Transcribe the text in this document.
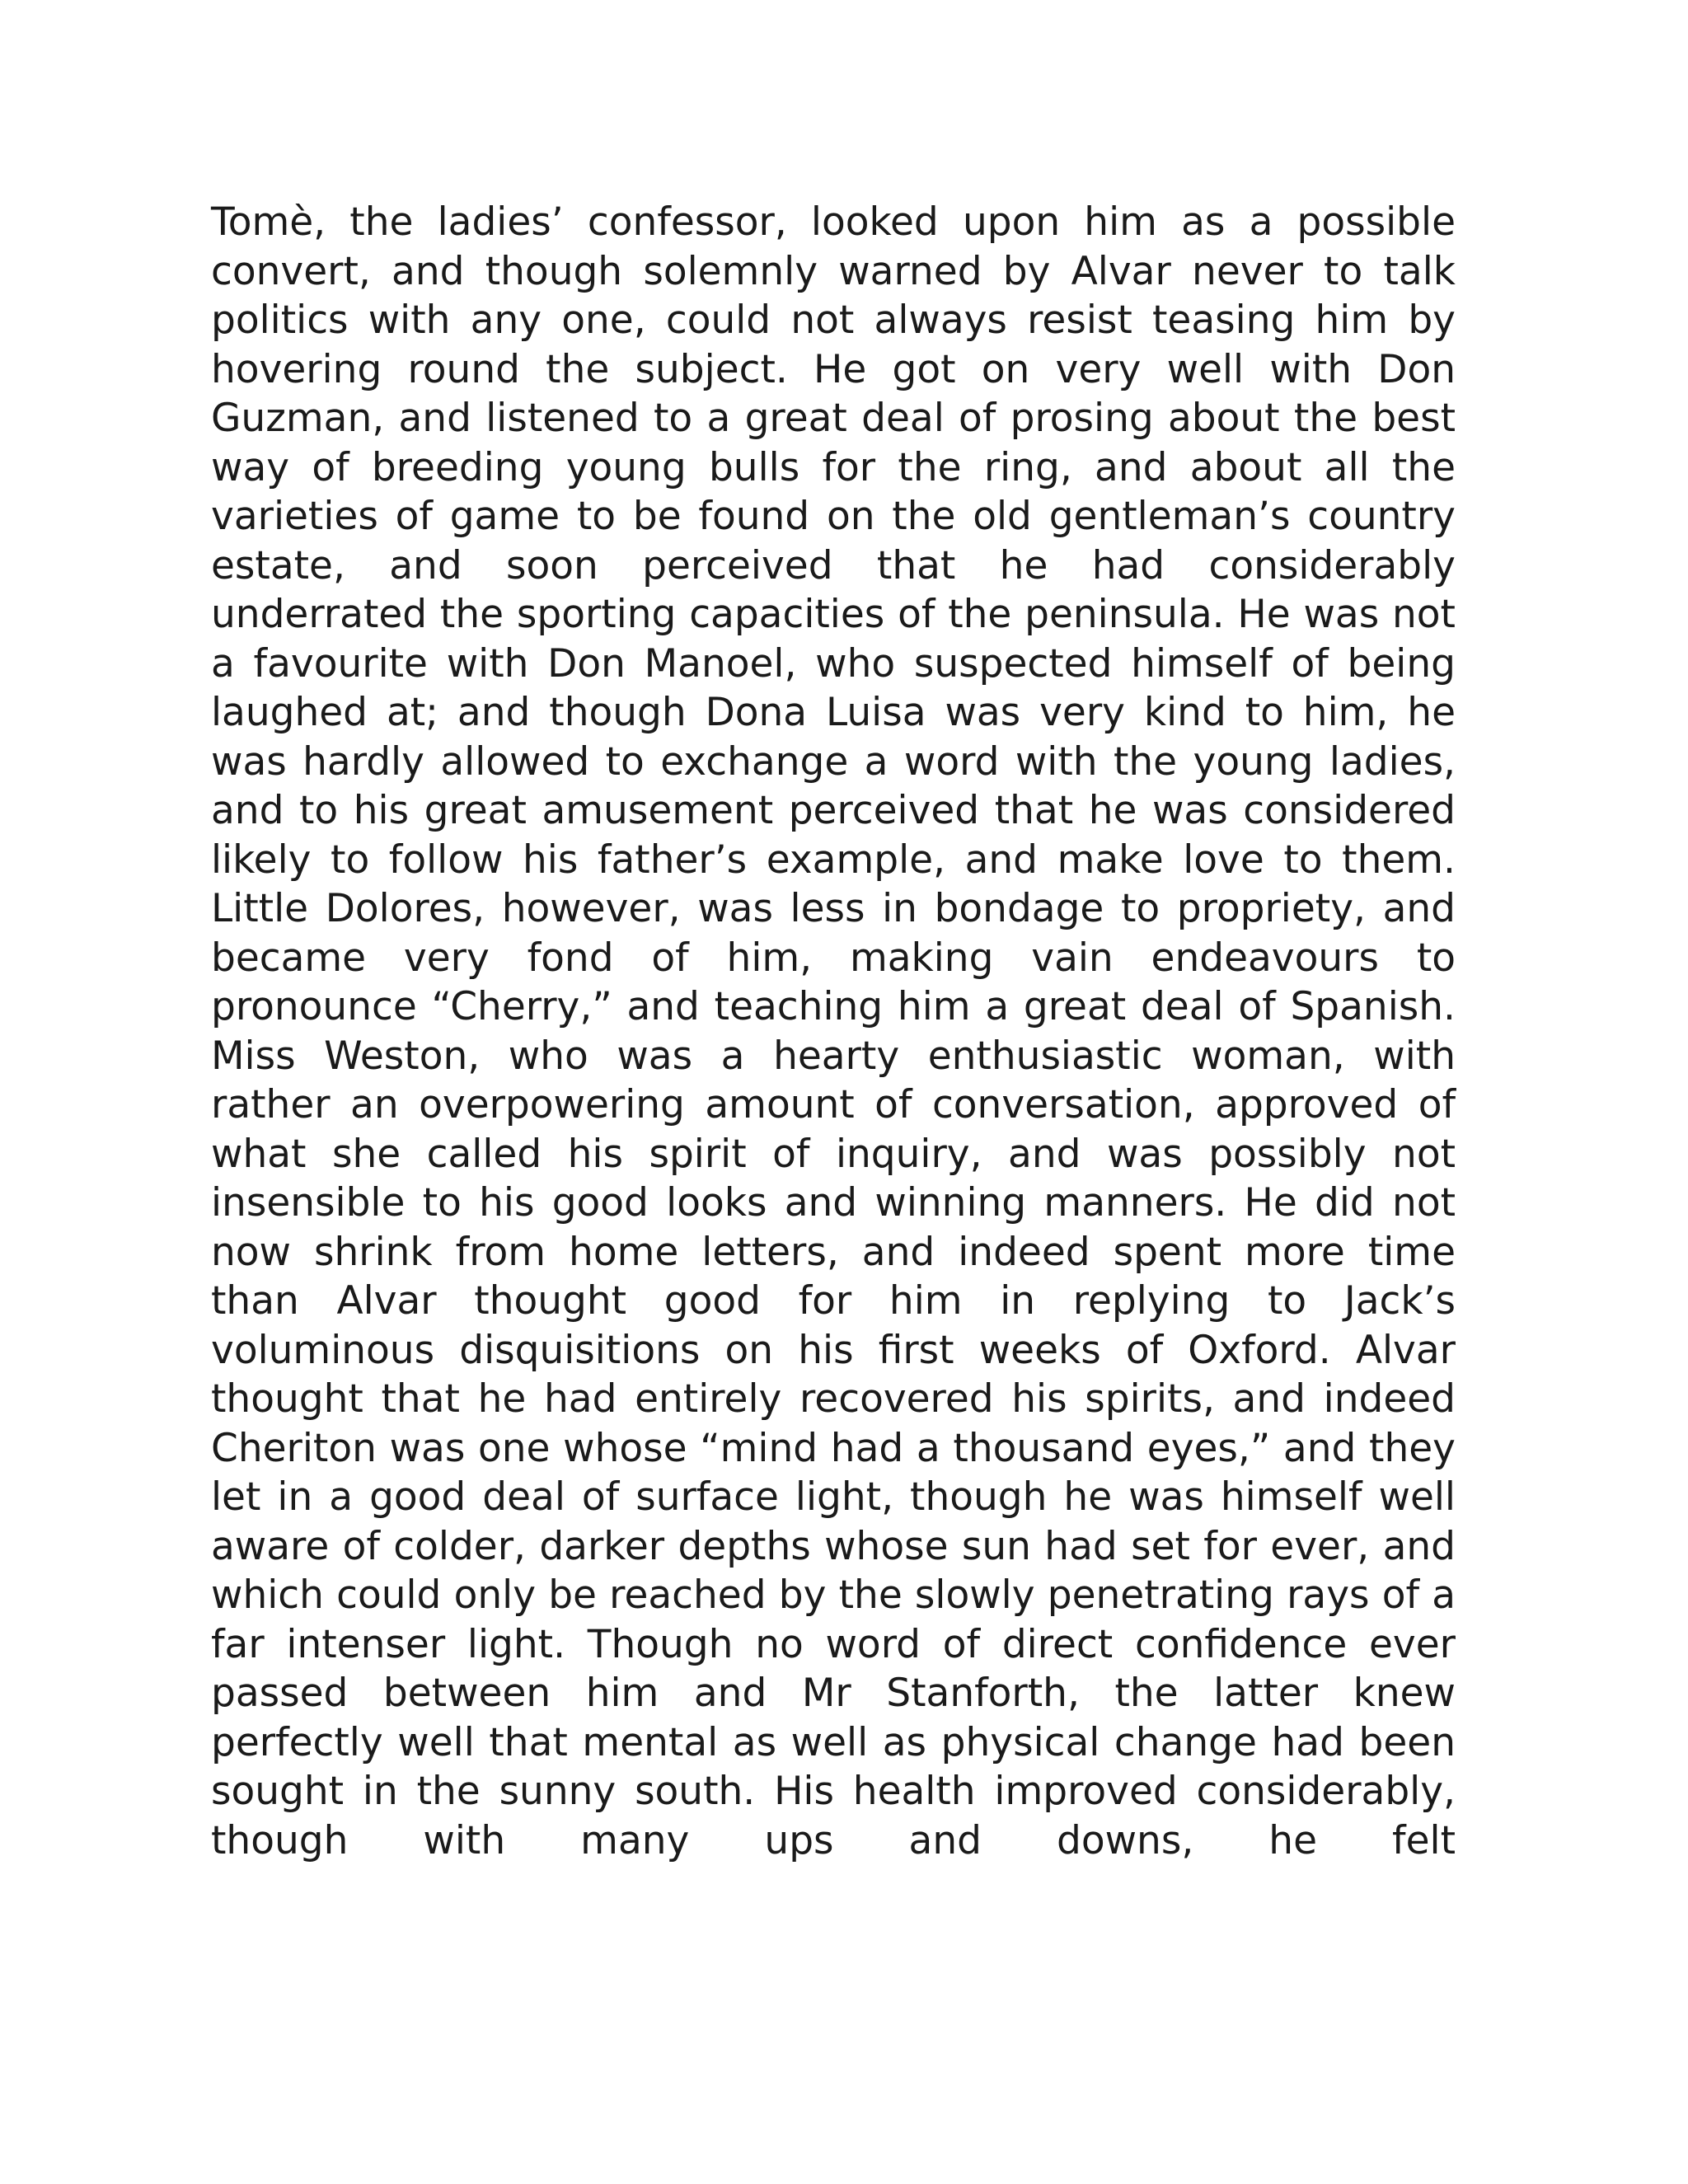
Tomè, the ladies’ confessor, looked upon him as a possible convert, and though solemnly warned by Alvar never to talk politics with any one, could not always resist teasing him by hovering round the subject. He got on very well with Don Guzman, and listened to a great deal of prosing about the best way of breeding young bulls for the ring, and about all the varieties of game to be found on the old gentleman’s country estate, and soon perceived that he had considerably underrated the sporting capacities of the peninsula. He was not a favourite with Don Manoel, who suspected himself of being laughed at; and though Dona Luisa was very kind to him, he was hardly allowed to exchange a word with the young ladies, and to his great amusement perceived that he was considered likely to follow his father’s example, and make love to them. Little Dolores, however, was less in bondage to propriety, and became very fond of him, making vain endeavours to pronounce “Cherry,” and teaching him a great deal of Spanish. Miss Weston, who was a hearty enthusiastic woman, with rather an overpowering amount of conversation, approved of what she called his spirit of inquiry, and was possibly not insensible to his good looks and winning manners. He did not now shrink from home letters, and indeed spent more time than Alvar thought good for him in replying to Jack’s voluminous disquisitions on his first weeks of Oxford. Alvar thought that he had entirely recovered his spirits, and indeed Cheriton was one whose “mind had a thousand eyes,” and they let in a good deal of surface light, though he was himself well aware of colder, darker depths whose sun had set for ever, and which could only be reached by the slowly penetrating rays of a far intenser light. Though no word of direct confidence ever passed between him and Mr Stanforth, the latter knew perfectly well that mental as well as physical change had been sought in the sunny south. His health improved considerably, though with many ups and downs, he felt
